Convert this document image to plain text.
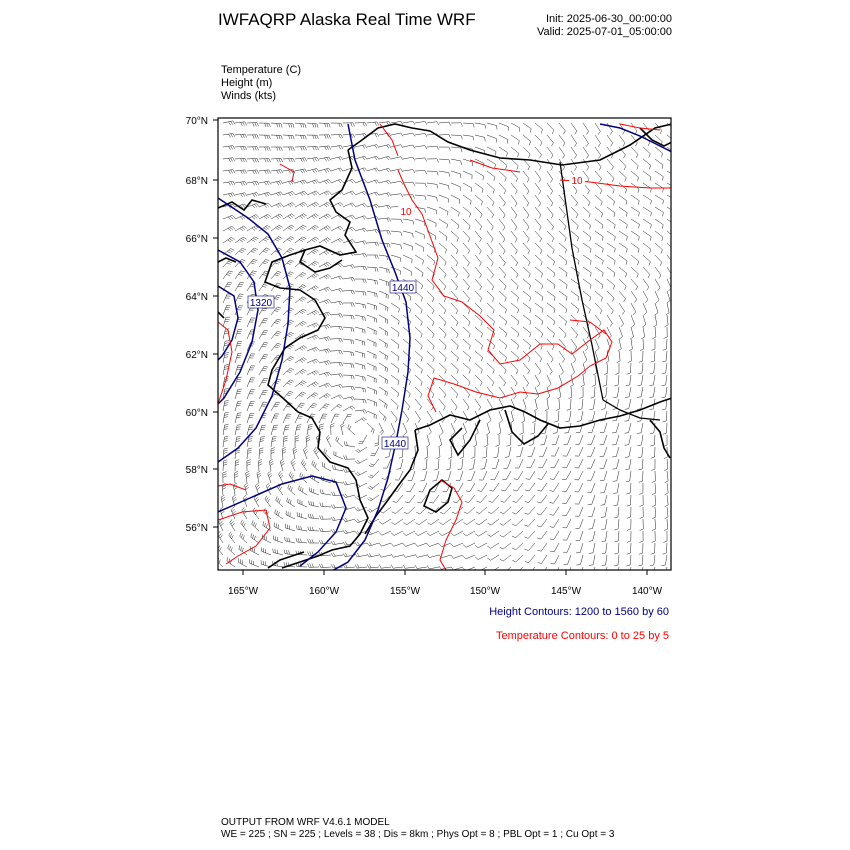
IWFAQRP Alaska Real Time WRF	Init: 2025-06-30_00:00:00
Valid: 2025-07-01_05:00:00
Temperature (C)
Height (m)
Winds (kts)
1320
1440
1440
10
10
70°N
68°N
66°N
64°N
62°N
60°N
58°N
56°N
165°W	160°W	155°W	150°W	145°W	140°W
Height Contours: 1200 to 1560 by 60
Temperature Contours: 0 to 25 by 5
OUTPUT FROM WRF V4.6.1 MODEL
WE = 225 ; SN = 225 ; Levels = 38 ; Dis = 8km ; Phys Opt = 8 ; PBL Opt = 1 ; Cu Opt = 3
